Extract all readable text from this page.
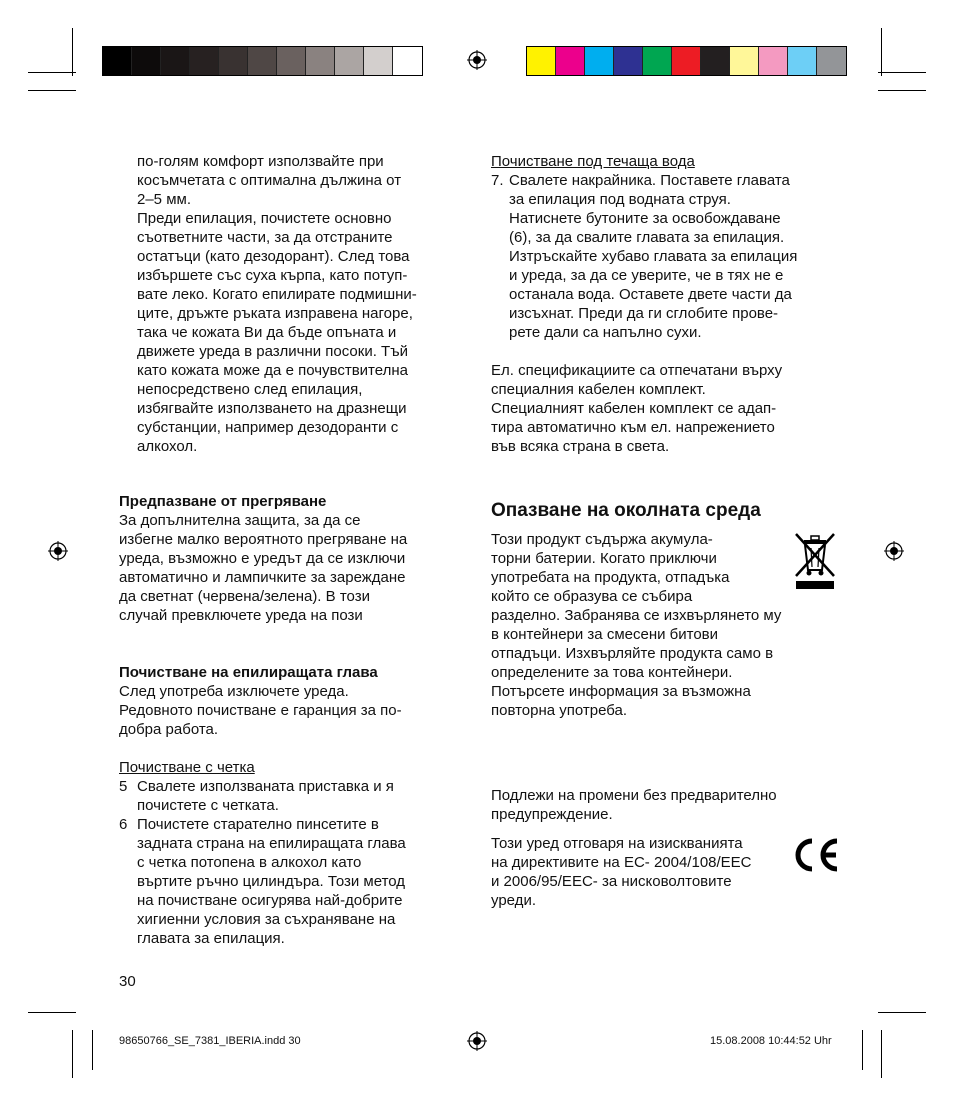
по-голям комфорт използвайте при
косъмчетата с оптимална дължина от
2–5 мм.
Преди епилация, почистете основно
съответните части, за да отстраните
остатъци (като дезодорант). След това
избършете със суха кърпа, като потуп-
вате леко. Когато епилирате подмишни-
ците, дръжте ръката изправена нагоре,
така че кожата Ви да бъде опъната и
движете уреда в различни посоки. Тъй
като кожата може да е почувствителна
непосредствено след епилация,
избягвайте използването на дразнещи
субстанции, например дезодоранти с
алкохол.

Предпазване от прегряване

За допълнителна защита, за да се
избегне малко вероятното прегряване на
уреда, възможно е уредът да се изключи
автоматично и лампичките за зареждане
да светнат (червена/зелена). В този
случай превключете уреда на пози

Почистване на епилиращата глава

След употреба изключете уреда.
Редовното почистване е гаранция за по-
добра работа.

Почистване с четка

5 Свалете използваната приставка и я
почистете с четката.
6 Почистете старателно пинсетите в
задната страна на епилиращата глава
с четка потопена в алкохол като
въртите ръчно цилиндъра. Този метод
на почистване осигурява най-добрите
хигиенни условия за съхраняване на
главата за епилация.
30

Почистване под течаща вода

7. Свалете накрайника. Поставете главата
за епилация под водната струя.
Натиснете бутоните за освобождаване
(6), за да свалите главата за епилация.
Изтръскайте хубаво главата за епилация
и уреда, за да се уверите, че в тях не е
останала вода. Оставете двете части да
изсъхнат. Преди да ги сглобите прове-
рете дали са напълно сухи.
Ел. спецификациите са отпечатани върху
специалния кабелен комплект.
Специалният кабелен комплект се адап-
тира автоматично към ел. напрежението
във всяка страна в света.
Опазване на околната среда
Този продукт съдържа акумула-
торни батерии. Когато приключи
употребата на продукта, отпадъка
който се образува се събира
разделно. Забранява се изхвърлянето му
в контейнери за смесени битови
отпадъци. Изхвърляйте продукта само в
определените за това контейнери.
Потърсете информация за възможна
повторна употреба.
Подлежи на промени без предварително
предупреждение.
Този уред отговаря на изискванията
на директивите на EC- 2004/108/EEC
и 2006/95/EEC- за нисковолтовите
уреди.
98650766_SE_7381_IBERIA.indd 30	15.08.2008 10:44:52 Uhr
